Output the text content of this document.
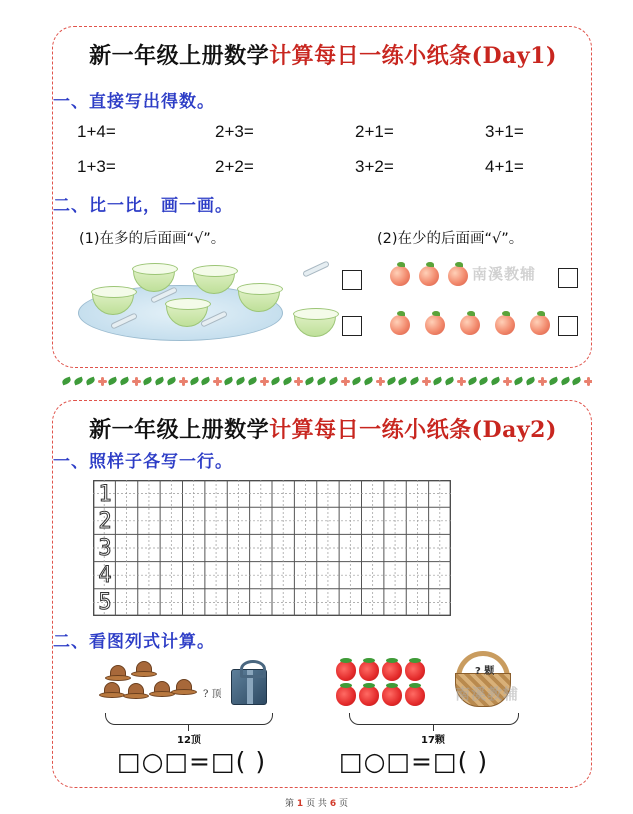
新一年级上册数学计算每日一练小纸条(Day1)
一、直接写出得数。
1+4=	2+3=	2+1=	3+1=
1+3=	2+2=	3+2=	4+1=
二、比一比，画一画。
(1)在多的后面画“√”。	(2)在少的后面画“√”。
南溪教辅
新一年级上册数学计算每日一练小纸条(Day2)
一、照样子各写一行。
1
2
3
4
5
二、看图列式计算。
? 顶
12顶
? 颗
南溪教辅
17颗
□○□=□( )	□○□=□( )
第 1 页 共 6 页
